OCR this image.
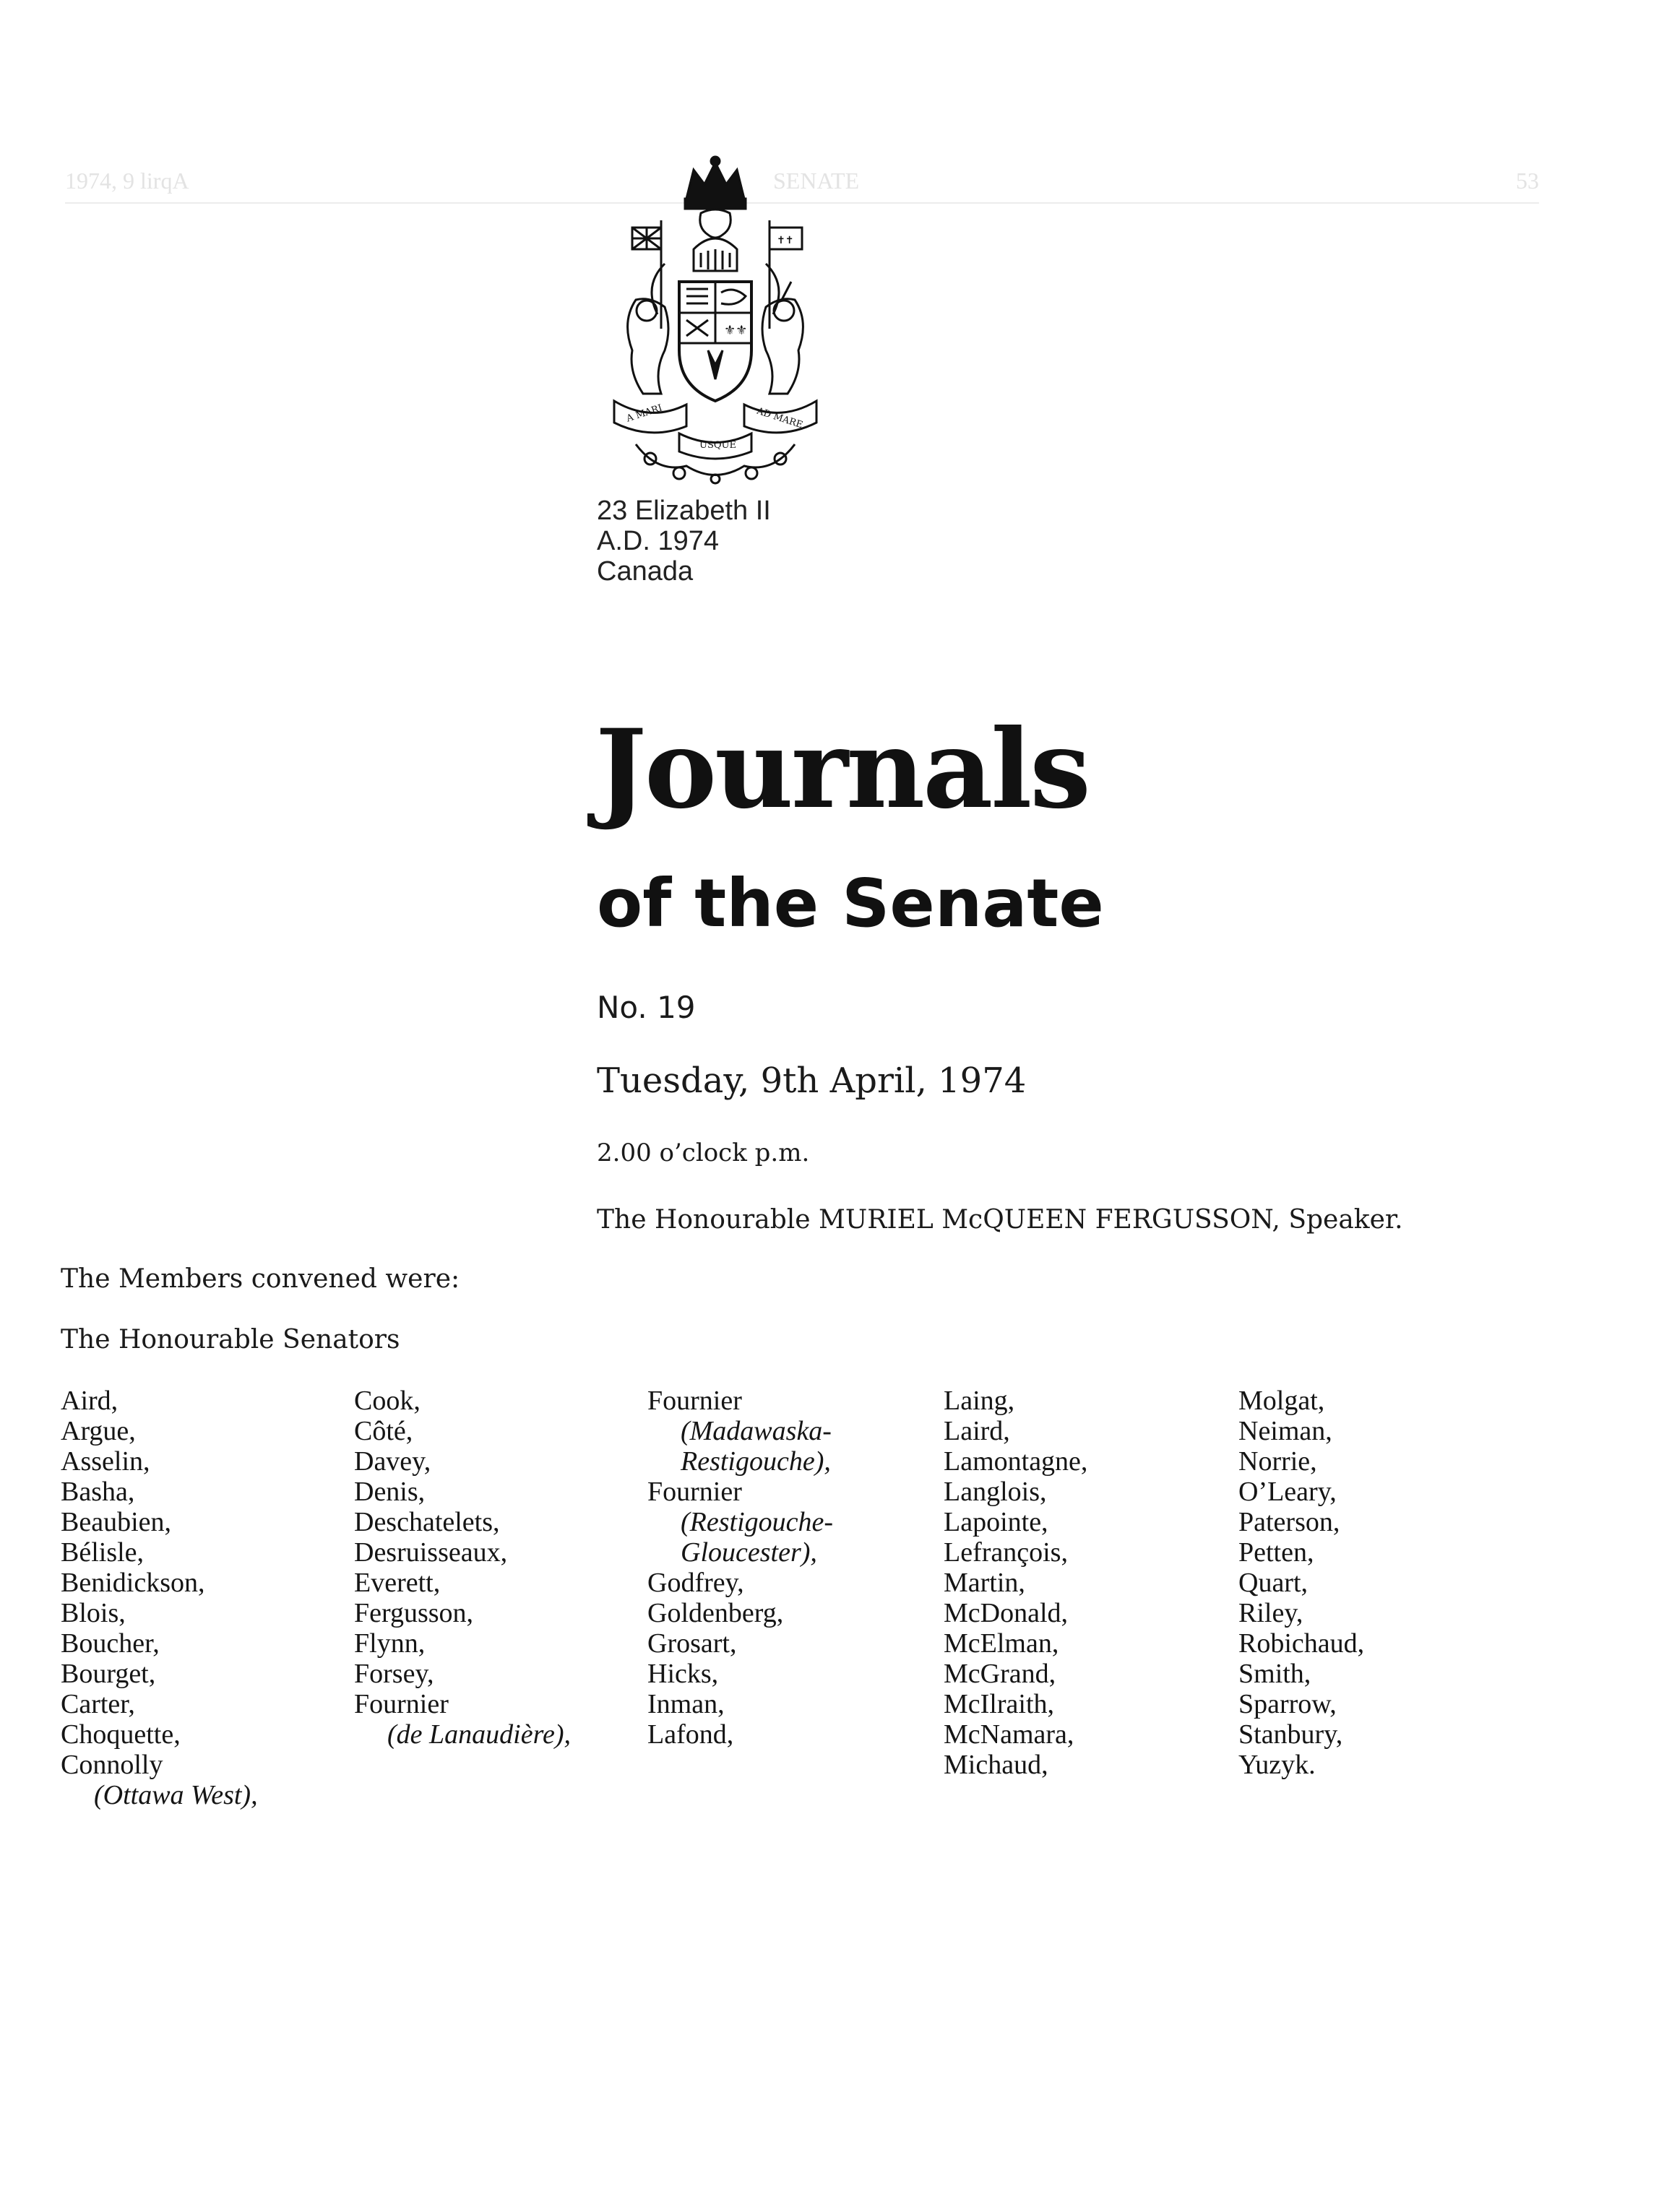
1974, 9 lirqA	SENATE	53
✝✝
⚜⚜
A MARI
USQUE
AD MARE
23 Elizabeth II
A.D. 1974
Canada
Journals
of the Senate
No. 19
Tuesday, 9th April, 1974
2.00 o’clock p.m.
The Honourable MURIEL McQUEEN FERGUSSON, Speaker.
The Members convened were:
The Honourable Senators
Aird,
Argue,
Asselin,
Basha,
Beaubien,
Bélisle,
Benidickson,
Blois,
Boucher,
Bourget,
Carter,
Choquette,
Connolly
(Ottawa West),
Cook,
Côté,
Davey,
Denis,
Deschatelets,
Desruisseaux,
Everett,
Fergusson,
Flynn,
Forsey,
Fournier
(de Lanaudière),
Fournier
(Madawaska-
Restigouche),
Fournier
(Restigouche-
Gloucester),
Godfrey,
Goldenberg,
Grosart,
Hicks,
Inman,
Lafond,
Laing,
Laird,
Lamontagne,
Langlois,
Lapointe,
Lefrançois,
Martin,
McDonald,
McElman,
McGrand,
McIlraith,
McNamara,
Michaud,
Molgat,
Neiman,
Norrie,
O’Leary,
Paterson,
Petten,
Quart,
Riley,
Robichaud,
Smith,
Sparrow,
Stanbury,
Yuzyk.
